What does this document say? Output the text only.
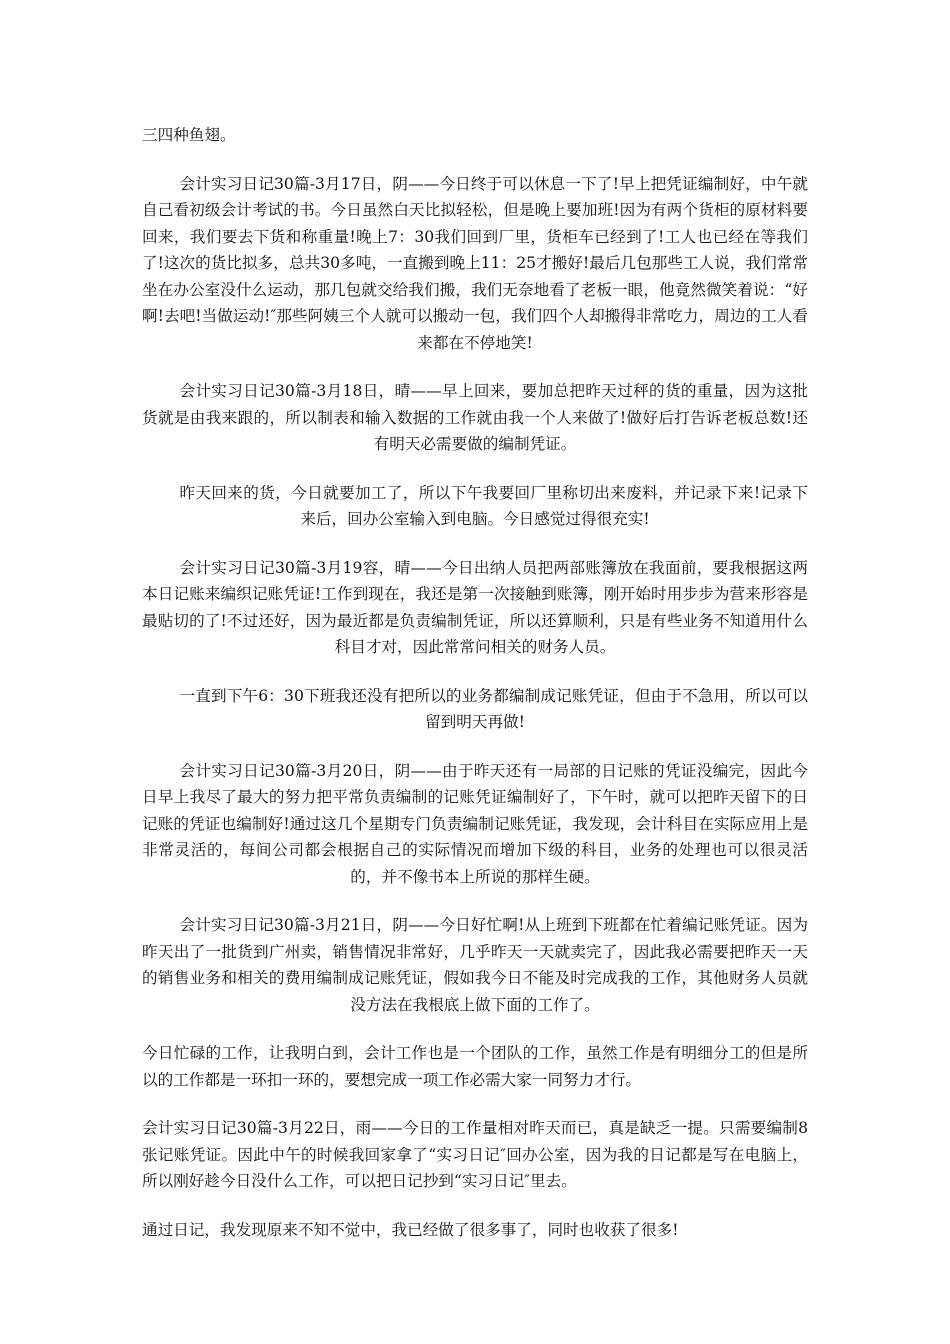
三四种鱼翅。

会计实习日记30篇-3月17日，阴——今日终于可以休息一下了!早上把凭证编制好，中午就自己看初级会计考试的书。今日虽然白天比拟轻松，但是晚上要加班!因为有两个货柜的原材料要回来，我们要去下货和称重量!晚上7：30我们回到厂里，货柜车已经到了!工人也已经在等我们了!这次的货比拟多，总共30多吨，一直搬到晚上11：25才搬好!最后几包那些工人说，我们常常坐在办公室没什么运动，那几包就交给我们搬，我们无奈地看了老板一眼，他竟然微笑着说：“好啊!去吧!当做运动!″那些阿姨三个人就可以搬动一包，我们四个人却搬得非常吃力，周边的工人看来都在不停地笑!

会计实习日记30篇-3月18日，晴——早上回来，要加总把昨天过秤的货的重量，因为这批货就是由我来跟的，所以制表和输入数据的工作就由我一个人来做了!做好后打告诉老板总数!还有明天必需要做的编制凭证。

昨天回来的货，今日就要加工了，所以下午我要回厂里称切出来废料，并记录下来!记录下来后，回办公室输入到电脑。今日感觉过得很充实!

会计实习日记30篇-3月19容，晴——今日出纳人员把两部账簿放在我面前，要我根据这两本日记账来编织记账凭证!工作到现在，我还是第一次接触到账簿，刚开始时用步步为营来形容是最贴切的了!不过还好，因为最近都是负责编制凭证，所以还算顺利，只是有些业务不知道用什么科目才对，因此常常问相关的财务人员。

一直到下午6：30下班我还没有把所以的业务都编制成记账凭证，但由于不急用，所以可以留到明天再做!

会计实习日记30篇-3月20日，阴——由于昨天还有一局部的日记账的凭证没编完，因此今日早上我尽了最大的努力把平常负责编制的记账凭证编制好了，下午时，就可以把昨天留下的日记账的凭证也编制好!通过这几个星期专门负责编制记账凭证，我发现，会计科目在实际应用上是非常灵活的，每间公司都会根据自己的实际情况而增加下级的科目，业务的处理也可以很灵活的，并不像书本上所说的那样生硬。

会计实习日记30篇-3月21日，阴——今日好忙啊!从上班到下班都在忙着编记账凭证。因为昨天出了一批货到广州卖，销售情况非常好，几乎昨天一天就卖完了，因此我必需要把昨天一天的销售业务和相关的费用编制成记账凭证，假如我今日不能及时完成我的工作，其他财务人员就没方法在我根底上做下面的工作了。

今日忙碌的工作，让我明白到，会计工作也是一个团队的工作，虽然工作是有明细分工的但是所以的工作都是一环扣一环的，要想完成一项工作必需大家一同努力才行。

会计实习日记30篇-3月22日，雨——今日的工作量相对昨天而已，真是缺乏一提。只需要编制8张记账凭证。因此中午的时候我回家拿了“实习日记″回办公室，因为我的日记都是写在电脑上，所以刚好趁今日没什么工作，可以把日记抄到“实习日记″里去。

通过日记，我发现原来不知不觉中，我已经做了很多事了，同时也收获了很多!
